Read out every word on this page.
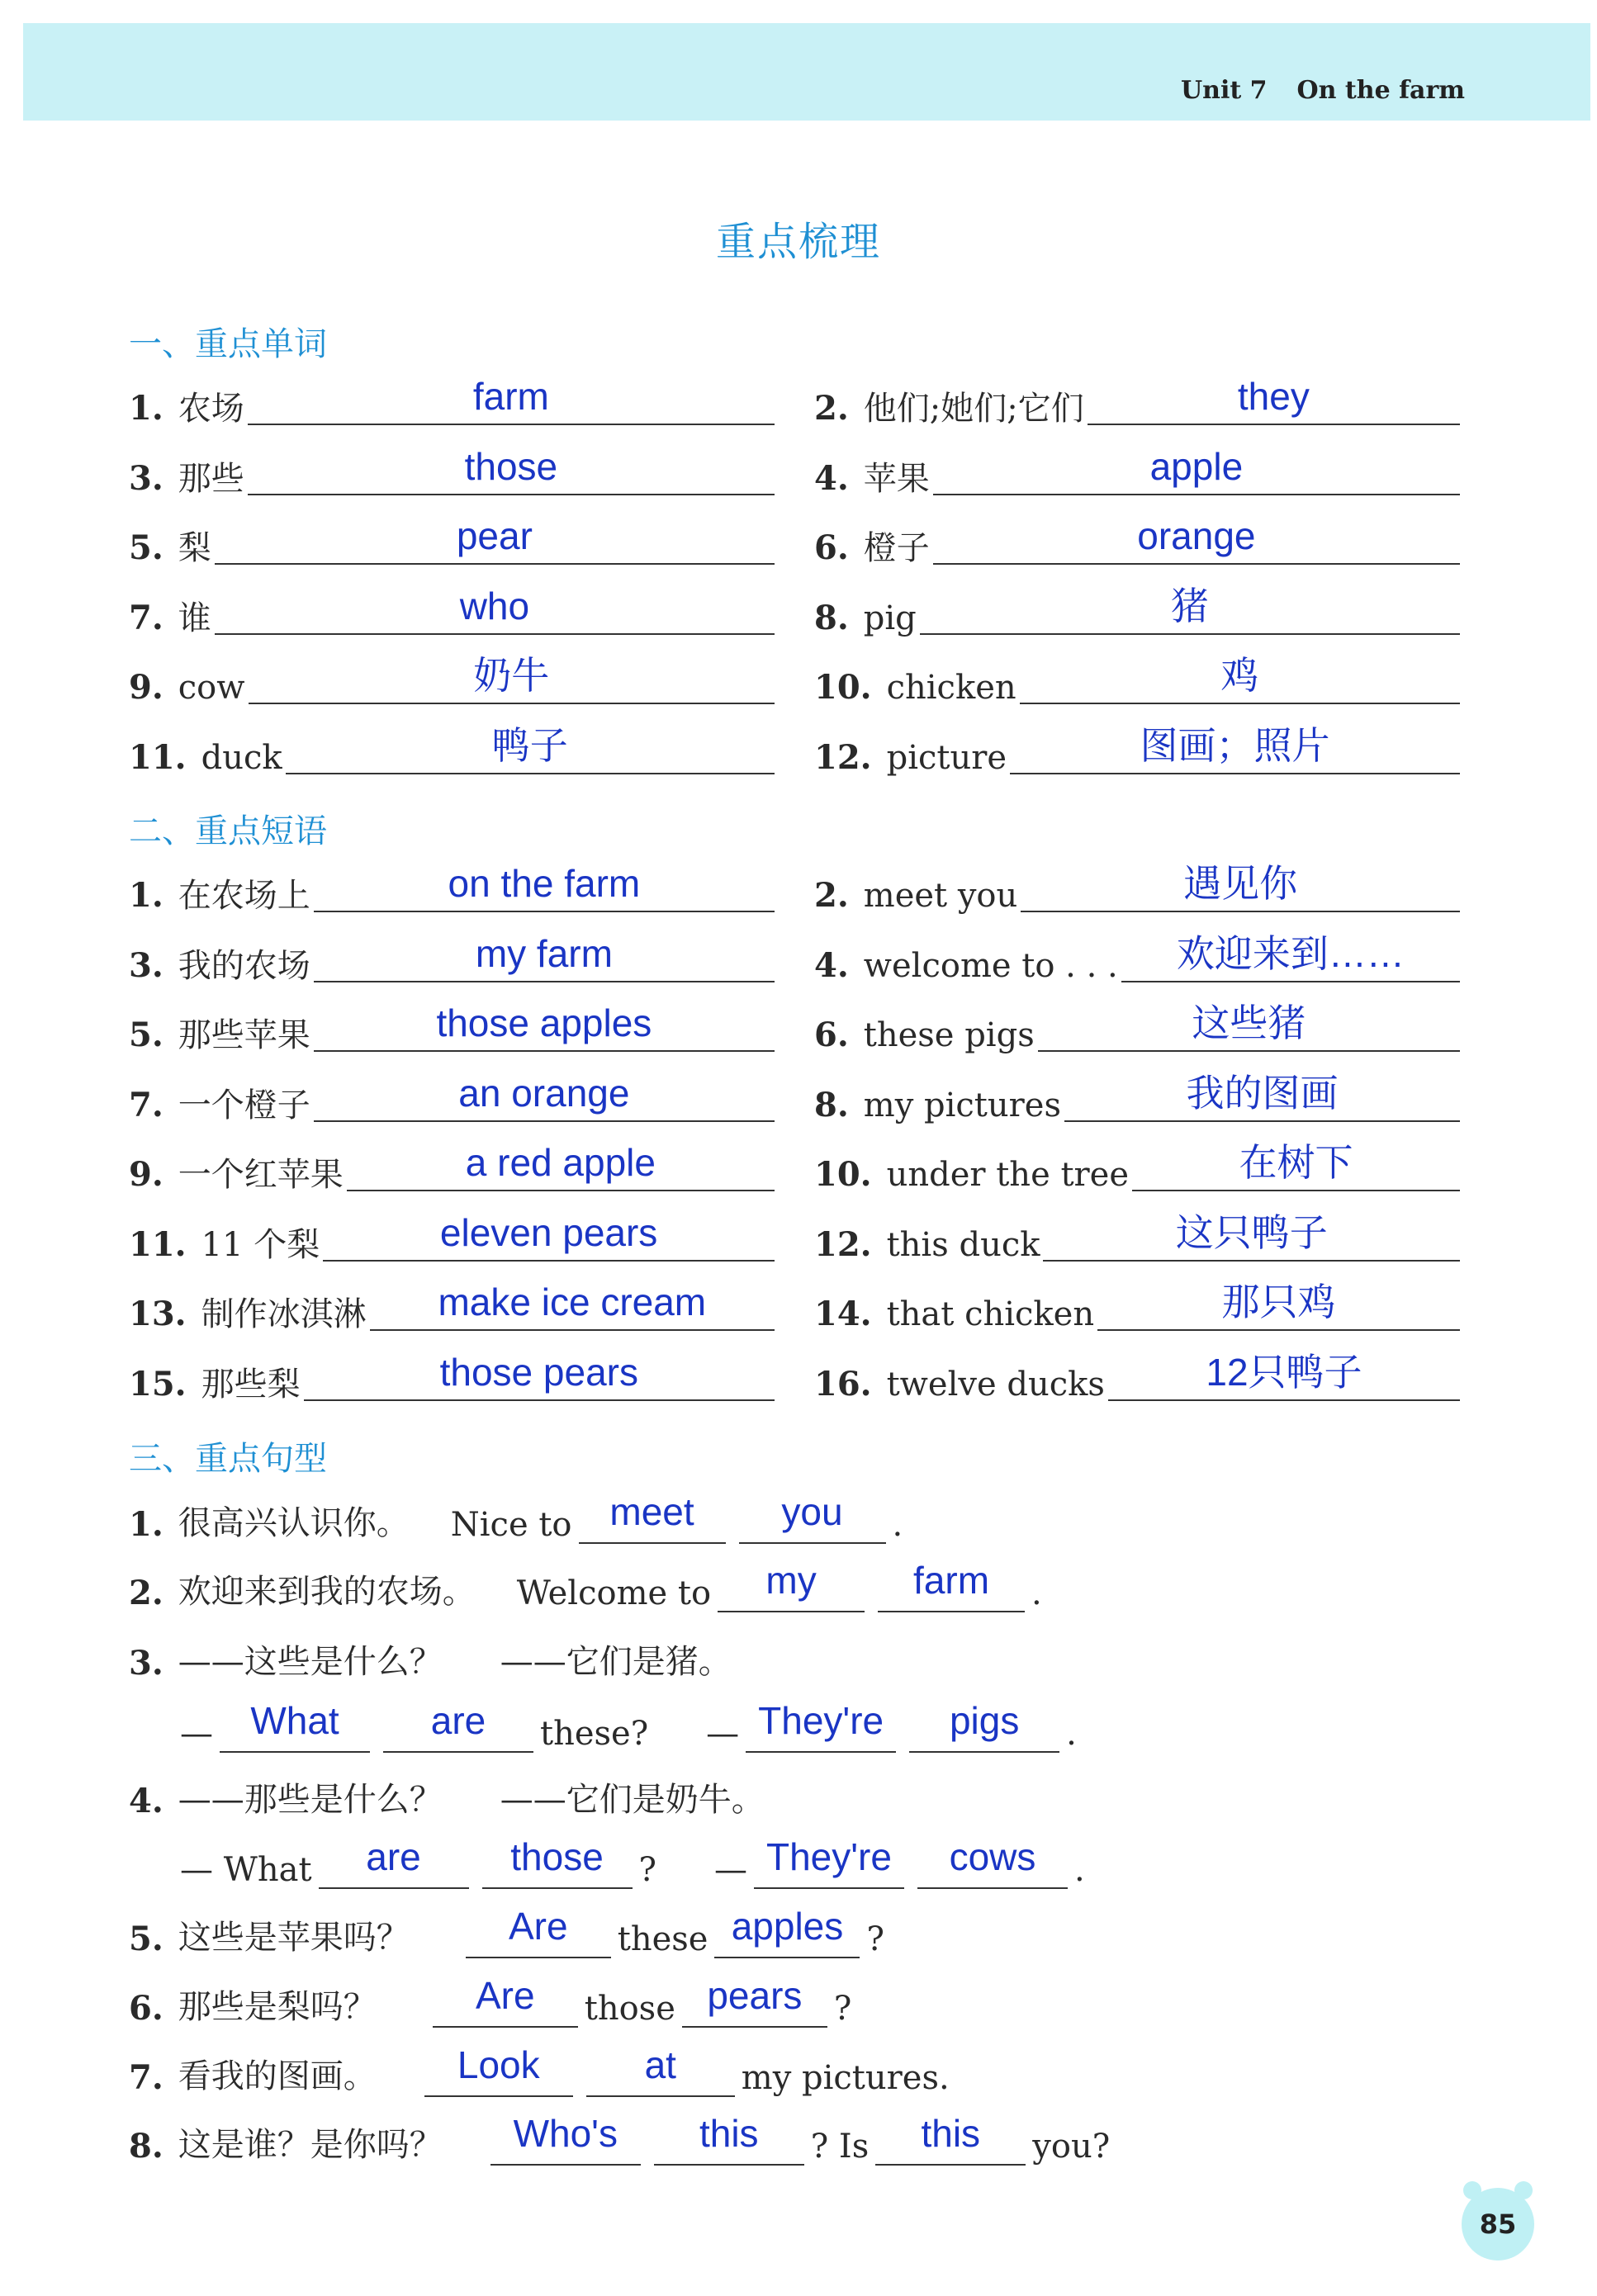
Unit 7 On the farm
重点梳理
一、重点单词
1. 农场	farm	2. 他们;她们;它们	they
3. 那些	those	4. 苹果	apple
5. 梨	pear	6. 橙子	orange
7. 谁	who	8. pig	猪
9. cow	奶牛	10. chicken	鸡
11. duck	鸭子	12. picture	图画；照片
二、重点短语
1. 在农场上	on the farm	2. meet you	遇见你
3. 我的农场	my farm	4. welcome to . . .	欢迎来到……
5. 那些苹果	those apples	6. these pigs	这些猪
7. 一个橙子	an orange	8. my pictures	我的图画
9. 一个红苹果	a red apple	10. under the tree	在树下
11. 11 个梨	eleven pears	12. this duck	这只鸭子
13. 制作冰淇淋	make ice cream	14. that chicken	那只鸡
15. 那些梨	those pears	16. twelve ducks	12只鸭子
三、重点句型
1. 很高兴认识你。 Nice to meet	you	.
2. 欢迎来到我的农场。 Welcome to	my	farm	.
3. ——这些是什么？ ——它们是猪。
— What	are	these? — They're	pigs	.
4. ——那些是什么？ ——它们是奶牛。
— What	are	those	? — They're	cows	.
5. 这些是苹果吗？	Are	these apples ?
6. 那些是梨吗？	Are	those pears ?
7. 看我的图画。	Look	at	my pictures.
8. 这是谁？是你吗？	Who's	this	? Is	this	you?
85
